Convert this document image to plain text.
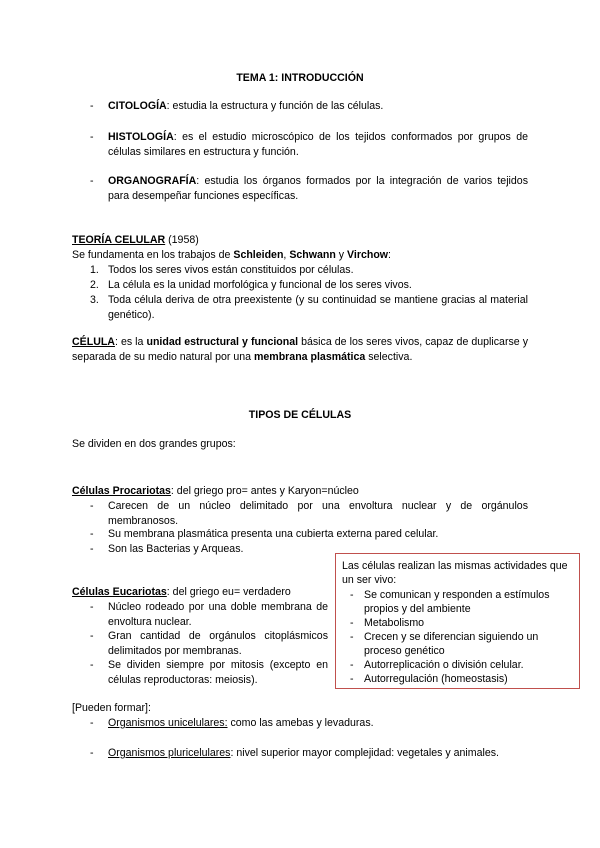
TEMA 1: INTRODUCCIÓN
- CITOLOGÍA: estudia la estructura y función de las células.
- HISTOLOGÍA: es el estudio microscópico de los tejidos conformados por grupos de células similares en estructura y función.
- ORGANOGRAFÍA: estudia los órganos formados por la integración de varios tejidos para desempeñar funciones específicas.
TEORÍA CELULAR (1958)
Se fundamenta en los trabajos de Schleiden, Schwann y Virchow:
1. Todos los seres vivos están constituidos por células.
2. La célula es la unidad morfológica y funcional de los seres vivos.
3. Toda célula deriva de otra preexistente (y su continuidad se mantiene gracias al material genético).
CÉLULA: es la unidad estructural y funcional básica de los seres vivos, capaz de duplicarse y separada de su medio natural por una membrana plasmática selectiva.
TIPOS DE CÉLULAS
Se dividen en dos grandes grupos:
Células Procariotas: del griego pro= antes y Karyon=núcleo
- Carecen de un núcleo delimitado por una envoltura nuclear y de orgánulos membranosos.
- Su membrana plasmática presenta una cubierta externa pared celular.
- Son las Bacterias y Arqueas.
Células Eucariotas: del griego eu= verdadero
- Núcleo rodeado por una doble membrana de envoltura nuclear.
- Gran cantidad de orgánulos citoplásmicos delimitados por membranas.
- Se dividen siempre por mitosis (excepto en células reproductoras: meiosis).
Las células realizan las mismas actividades que un ser vivo:
- Se comunican y responden a estímulos propios y del ambiente
- Metabolismo
- Crecen y se diferencian siguiendo un proceso genético
- Autorreplicación o división celular.
- Autorregulación (homeostasis)
[Pueden formar]:
- Organismos unicelulares: como las amebas y levaduras.
- Organismos pluricelulares: nivel superior mayor complejidad: vegetales y animales.
